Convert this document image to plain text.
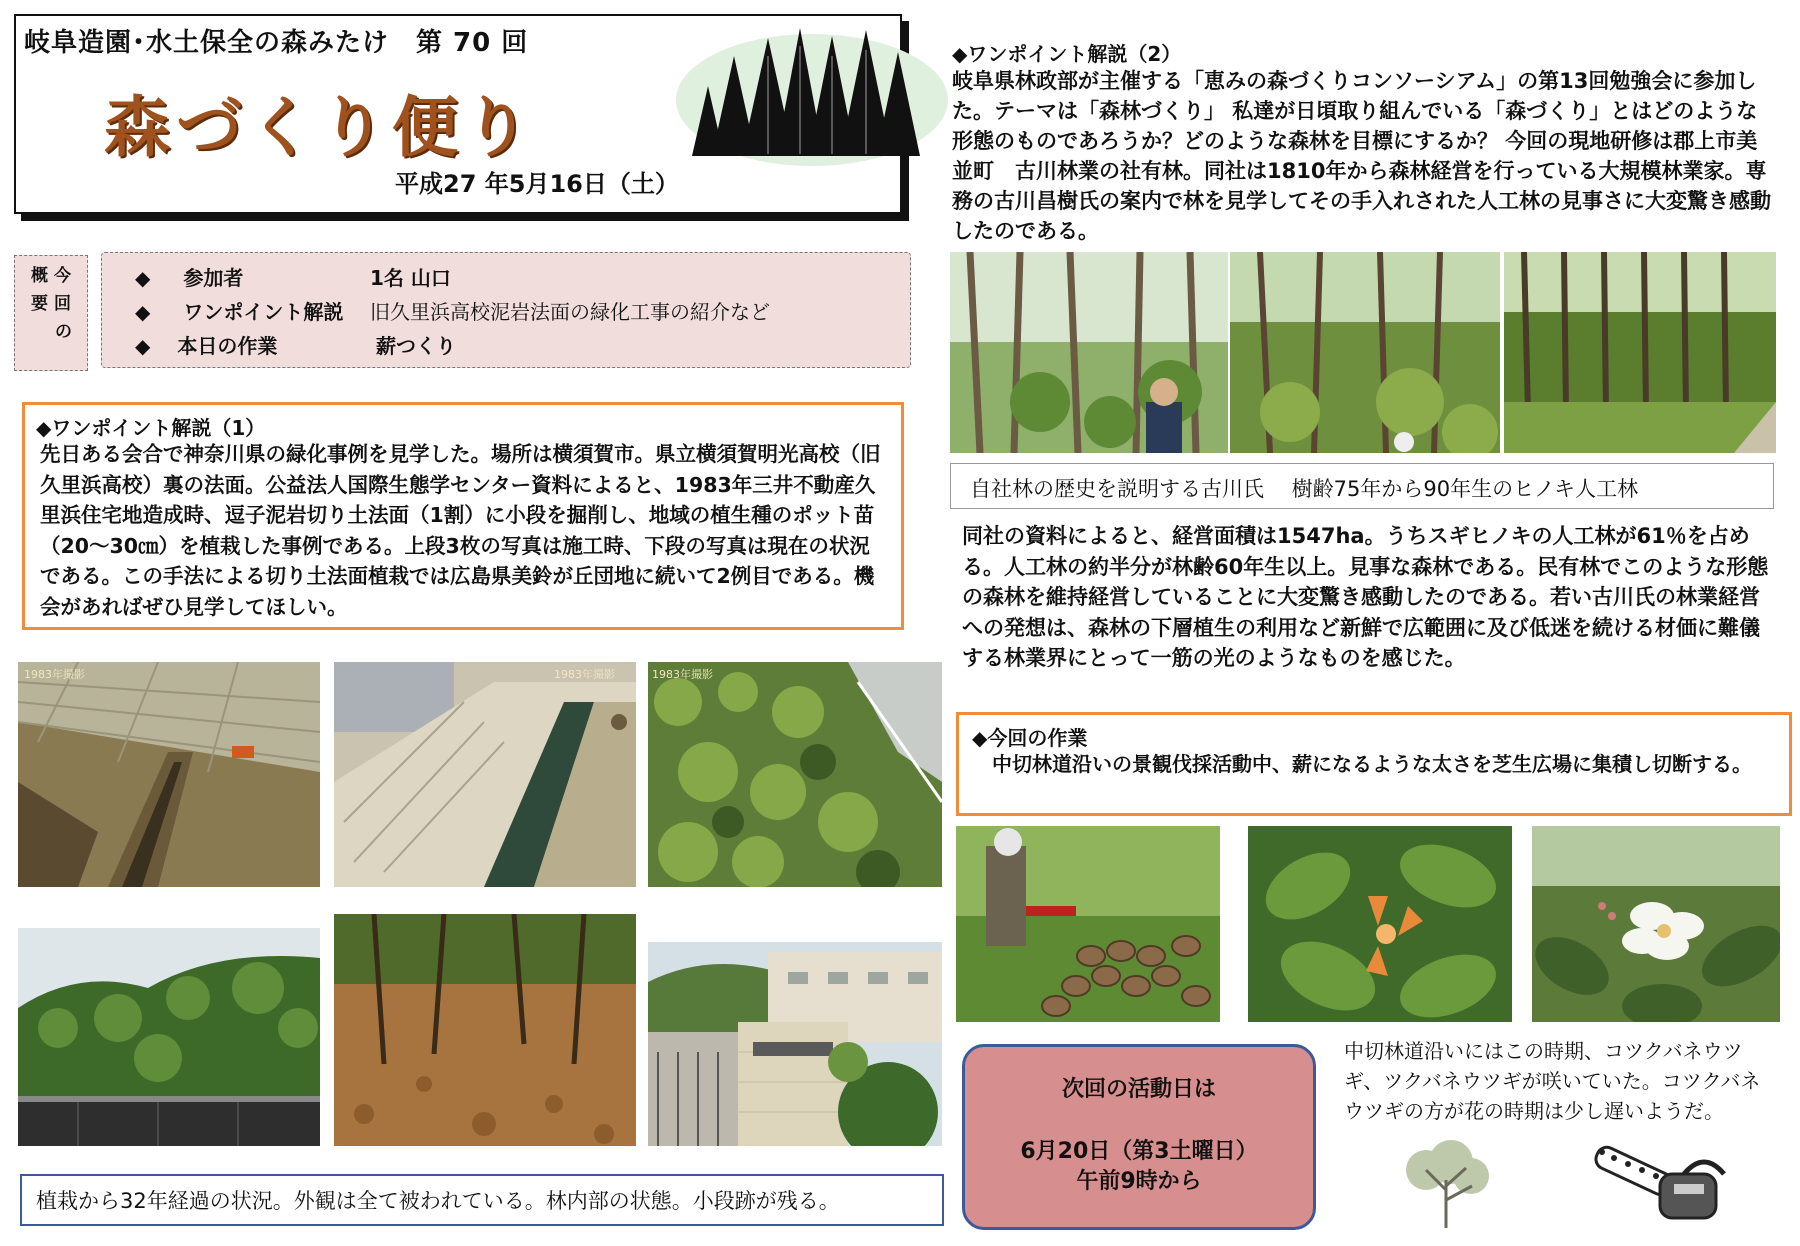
岐阜造園･水土保全の森みたけ　第 70 回
森づくり便り
平成27 年5月16日（土）
概 今
要 回
の
◆ 参加者	1名 山口
◆ ワンポイント解説 旧久里浜高校泥岩法面の緑化工事の紹介など
◆ 本日の作業	薪つくり
◆ワンポイント解説（1）
先日ある会合で神奈川県の緑化事例を見学した。場所は横須賀市。県立横須賀明光高校（旧久里浜高校）裏の法面。公益法人国際生態学センター資料によると、1983年三井不動産久里浜住宅地造成時、逗子泥岩切り土法面（1割）に小段を掘削し、地域の植生種のポット苗（20～30㎝）を植栽した事例である。上段3枚の写真は施工時、下段の写真は現在の状況である。この手法による切り土法面植栽では広島県美鈴が丘団地に続いて2例目である。機会があればぜひ見学してほしい。
1983年撮影	1983年撮影	1983年撮影
植栽から32年経過の状況。外観は全て被われている。林内部の状態。小段跡が残る。
◆ワンポイント解説（2）
岐阜県林政部が主催する「恵みの森づくりコンソーシアム」の第13回勉強会に参加した。テーマは「森林づくり」 私達が日頃取り組んでいる「森づくり」とはどのような形態のものであろうか？どのような森林を目標にするか？ 今回の現地研修は郡上市美並町　古川林業の社有林。同社は1810年から森林経営を行っている大規模林業家。専務の古川昌樹氏の案内で林を見学してその手入れされた人工林の見事さに大変驚き感動したのである。
自社林の歴史を説明する古川氏　 樹齢75年から90年生のヒノキ人工林
同社の資料によると、経営面積は1547ha。うちスギヒノキの人工林が61％を占める。人工林の約半分が林齢60年生以上。見事な森林である。民有林でこのような形態の森林を維持経営していることに大変驚き感動したのである。若い古川氏の林業経営への発想は、森林の下層植生の利用など新鮮で広範囲に及び低迷を続ける材価に難儀する林業界にとって一筋の光のようなものを感じた。
◆今回の作業
中切林道沿いの景観伐採活動中、薪になるような太さを芝生広場に集積し切断する。
次回の活動日は
6月20日（第3土曜日）
午前9時から
中切林道沿いにはこの時期、コツクバネウツギ、ツクバネウツギが咲いていた。コツクバネウツギの方が花の時期は少し遅いようだ。
